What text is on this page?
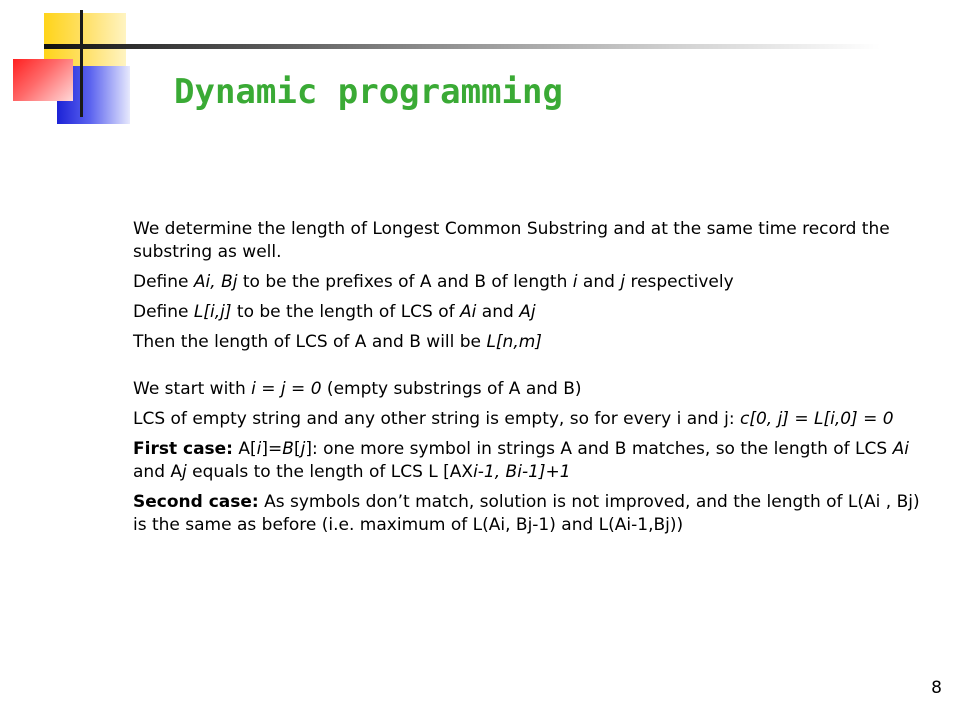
Dynamic programming

We determine the length of Longest Common Substring and at the same time record the substring as well.

Define Ai, Bj to be the prefixes of A and B of length i and j respectively

Define L[i,j] to be the length of LCS of Ai and Aj

Then the length of LCS of A and B will be L[n,m]

We start with i = j = 0 (empty substrings of A and B)

LCS of empty string and any other string is empty, so for every i and j: c[0, j] = L[i,0] = 0

First case: A[i]=B[j]: one more symbol in strings A and B matches, so the length of LCS Ai and Aj equals to the length of LCS L [AXi-1, Bi-1]+1

Second case: As symbols don’t match, solution is not improved, and the length of L(Ai , Bj) is the same as before (i.e. maximum of L(Ai, Bj-1) and L(Ai-1,Bj))

8
